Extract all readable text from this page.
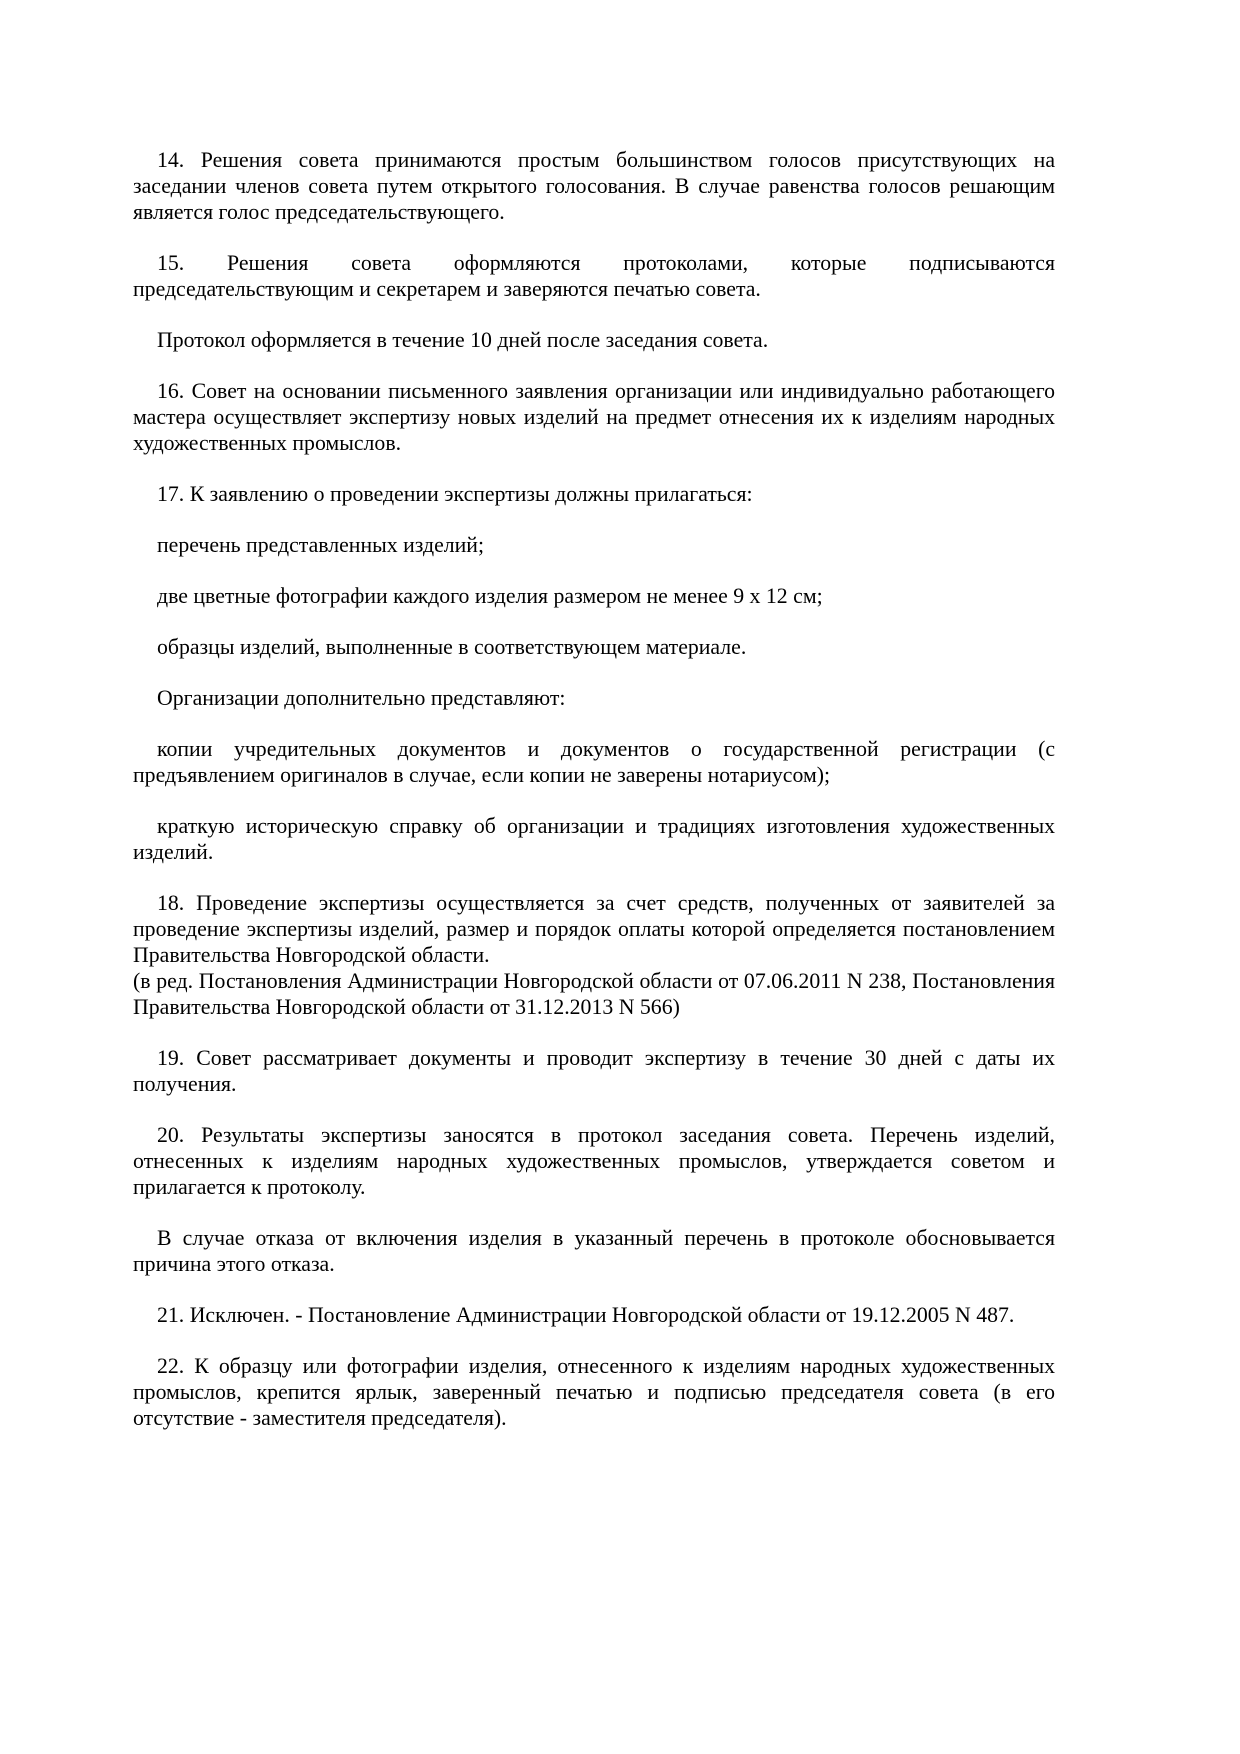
14. Решения совета принимаются простым большинством голосов присутствующих на заседании членов совета путем открытого голосования. В случае равенства голосов решающим является голос председательствующего.

15. Решения совета оформляются протоколами, которые подписываются председательствующим и секретарем и заверяются печатью совета.

Протокол оформляется в течение 10 дней после заседания совета.

16. Совет на основании письменного заявления организации или индивидуально работающего мастера осуществляет экспертизу новых изделий на предмет отнесения их к изделиям народных художественных промыслов.

17. К заявлению о проведении экспертизы должны прилагаться:

перечень представленных изделий;

две цветные фотографии каждого изделия размером не менее 9 x 12 см;

образцы изделий, выполненные в соответствующем материале.

Организации дополнительно представляют:

копии учредительных документов и документов о государственной регистрации (с предъявлением оригиналов в случае, если копии не заверены нотариусом);

краткую историческую справку об организации и традициях изготовления художественных изделий.

18. Проведение экспертизы осуществляется за счет средств, полученных от заявителей за проведение экспертизы изделий, размер и порядок оплаты которой определяется постановлением Правительства Новгородской области.

(в ред. Постановления Администрации Новгородской области от 07.06.2011 N 238, Постановления Правительства Новгородской области от 31.12.2013 N 566)

19. Совет рассматривает документы и проводит экспертизу в течение 30 дней с даты их получения.

20. Результаты экспертизы заносятся в протокол заседания совета. Перечень изделий, отнесенных к изделиям народных художественных промыслов, утверждается советом и прилагается к протоколу.

В случае отказа от включения изделия в указанный перечень в протоколе обосновывается причина этого отказа.

21. Исключен. - Постановление Администрации Новгородской области от 19.12.2005 N 487.

22. К образцу или фотографии изделия, отнесенного к изделиям народных художественных промыслов, крепится ярлык, заверенный печатью и подписью председателя совета (в его отсутствие - заместителя председателя).
